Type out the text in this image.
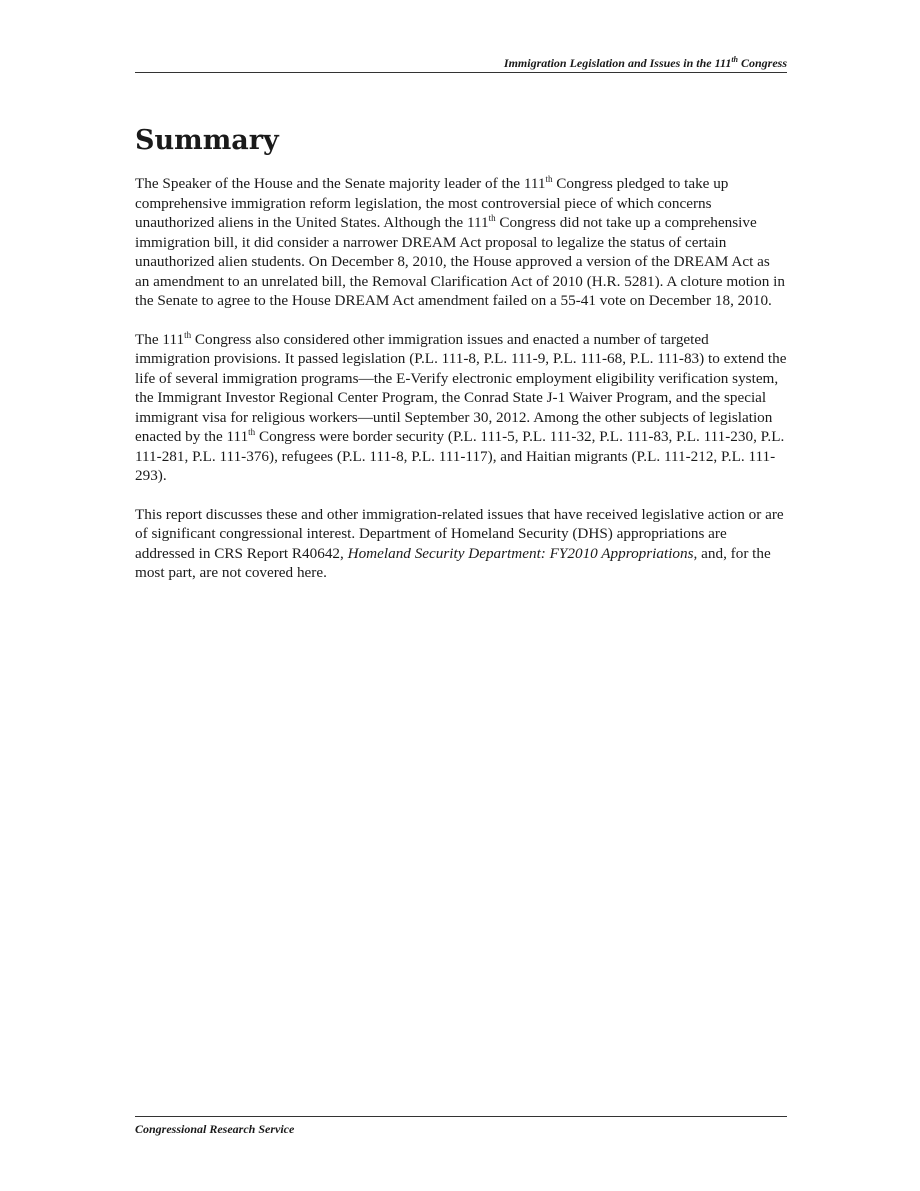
Immigration Legislation and Issues in the 111th Congress
Summary

The Speaker of the House and the Senate majority leader of the 111th Congress pledged to take up comprehensive immigration reform legislation, the most controversial piece of which concerns unauthorized aliens in the United States. Although the 111th Congress did not take up a comprehensive immigration bill, it did consider a narrower DREAM Act proposal to legalize the status of certain unauthorized alien students. On December 8, 2010, the House approved a version of the DREAM Act as an amendment to an unrelated bill, the Removal Clarification Act of 2010 (H.R. 5281). A cloture motion in the Senate to agree to the House DREAM Act amendment failed on a 55-41 vote on December 18, 2010.

The 111th Congress also considered other immigration issues and enacted a number of targeted immigration provisions. It passed legislation (P.L. 111-8, P.L. 111-9, P.L. 111-68, P.L. 111-83) to extend the life of several immigration programs—the E-Verify electronic employment eligibility verification system, the Immigrant Investor Regional Center Program, the Conrad State J-1 Waiver Program, and the special immigrant visa for religious workers—until September 30, 2012. Among the other subjects of legislation enacted by the 111th Congress were border security (P.L. 111-5, P.L. 111-32, P.L. 111-83, P.L. 111-230, P.L. 111-281, P.L. 111-376), refugees (P.L. 111-8, P.L. 111-117), and Haitian migrants (P.L. 111-212, P.L. 111-293).

This report discusses these and other immigration-related issues that have received legislative action or are of significant congressional interest. Department of Homeland Security (DHS) appropriations are addressed in CRS Report R40642, Homeland Security Department: FY2010 Appropriations, and, for the most part, are not covered here.

Congressional Research Service
